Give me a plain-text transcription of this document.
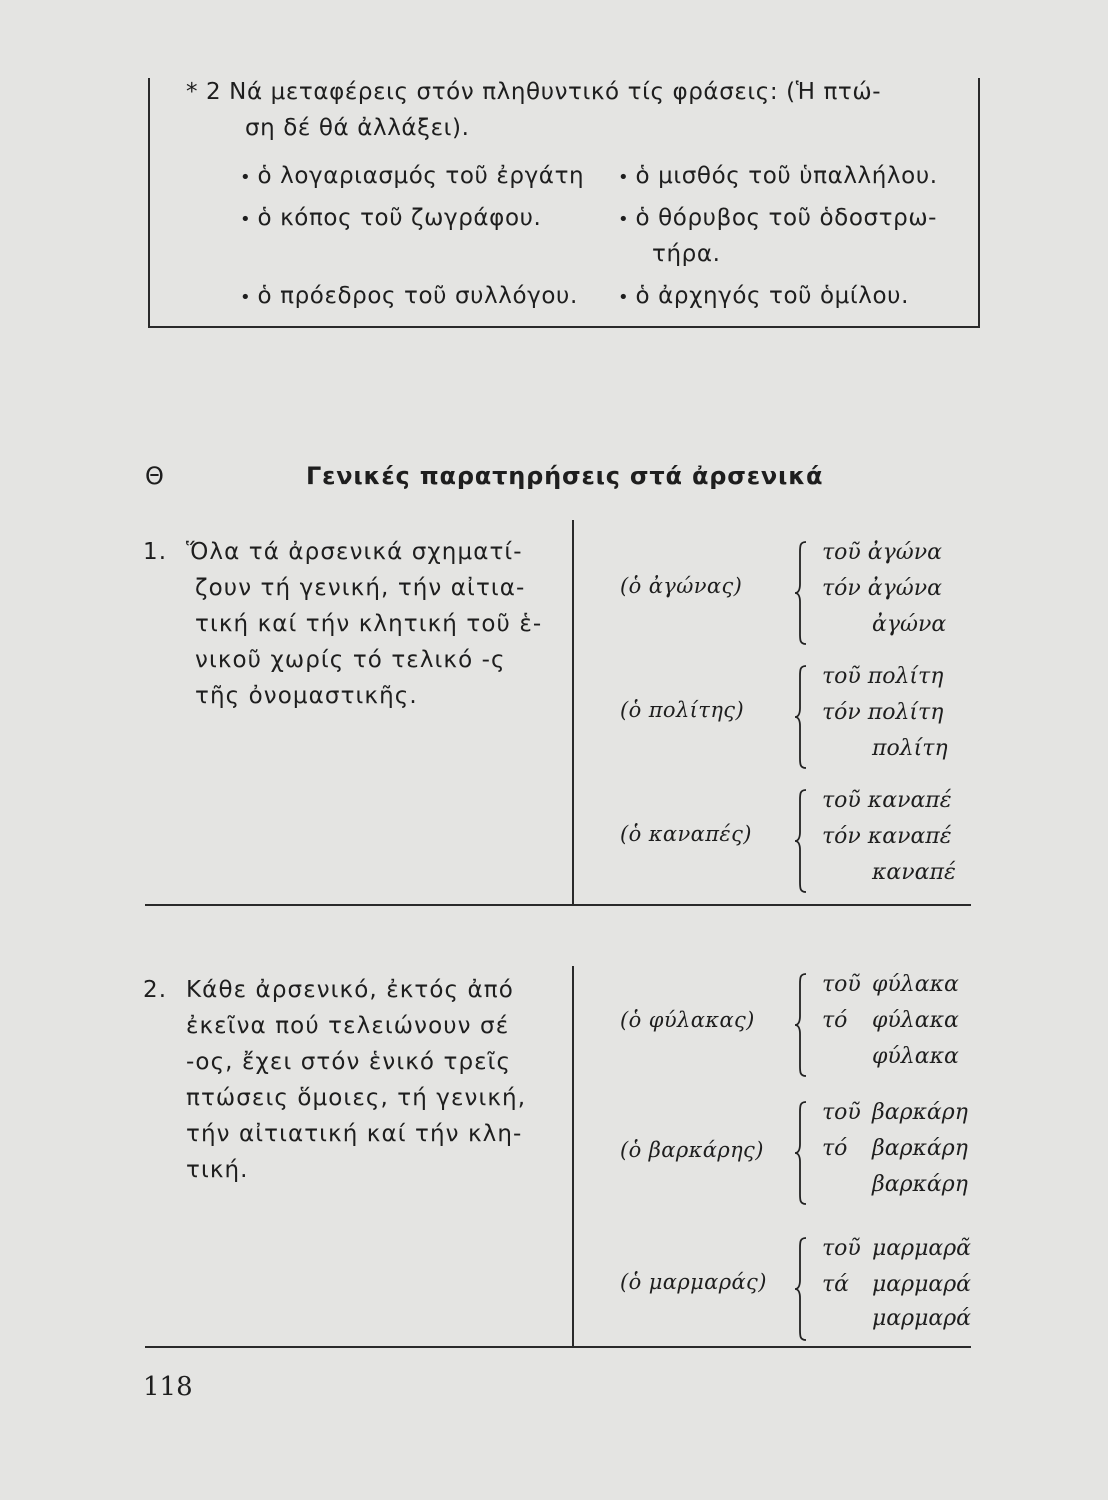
* 2 Νά μεταφέρεις στόν πληθυντικό τίς φράσεις: (Ἡ πτώ-
ση δέ θά ἀλλάξει).
• ὁ λογαριασμός τοῦ ἐργάτη
• ὁ κόπος τοῦ ζωγράφου.
• ὁ πρόεδρος τοῦ συλλόγου.
• ὁ μισθός τοῦ ὑπαλλήλου.
• ὁ θόρυβος τοῦ ὁδοστρω-
τήρα.
• ὁ ἀρχηγός τοῦ ὁμίλου.
Θ	Γενικές παρατηρήσεις στά ἀρσενικά
1. Ὅλα τά ἀρσενικά σχηματί-
ζουν τή γενική, τήν αἰτια-
τική καί τήν κλητική τοῦ ἑ-
νικοῦ χωρίς τό τελικό -ς
τῆς ὀνομαστικῆς.
(ὁ ἀγώνας)
τοῦ ἀγώνα
τόν ἀγώνα
ἀγώνα
(ὁ πολίτης)
τοῦ πολίτη
τόν πολίτη
πολίτη
(ὁ καναπές)
τοῦ καναπέ
τόν καναπέ
καναπέ
2. Κάθε ἀρσενικό, ἐκτός ἀπό
ἐκεῖνα πού τελειώνουν σέ
-ος, ἔχει στόν ἑνικό τρεῖς
πτώσεις ὅμοιες, τή γενική,
τήν αἰτιατική καί τήν κλη-
τική.
(ὁ φύλακας)
τοῦ
τό
φύλακα
φύλακα
φύλακα
(ὁ βαρκάρης)
τοῦ
τό
βαρκάρη
βαρκάρη
βαρκάρη
(ὁ μαρμαράς)
τοῦ
τά
μαρμαρᾶ
μαρμαρά
μαρμαρά
118
